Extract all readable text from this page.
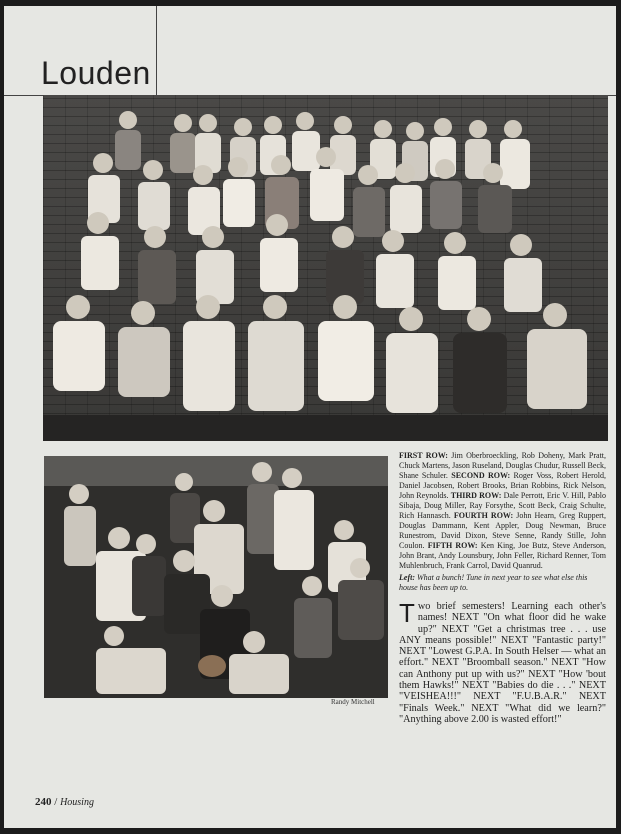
Louden
Randy Mitchell
FIRST ROW: Jim Oberbroeckling, Rob Doheny, Mark Pratt, Chuck Martens, Jason Ruseland, Douglas Chudur, Russell Beck, Shane Schuler. SECOND ROW: Roger Voss, Robert Herold, Daniel Jacobsen, Robert Brooks, Brian Robbins, Rick Nelson, John Reynolds. THIRD ROW: Dale Perrott, Eric V. Hill, Pablo Sibaja, Doug Miller, Ray Forsythe, Scott Beck, Craig Schulte, Rich Hannasch. FOURTH ROW: John Hearn, Greg Ruppert, Douglas Dammann, Kent Appler, Doug Newman, Bruce Runestrom, David Dixon, Steve Senne, Randy Stille, John Coulon. FIFTH ROW: Ken King, Joe Butz, Steve Anderson, John Brant, Andy Lounsbury, John Feller, Richard Renner, Tom Muhlenbruch, Frank Carrol, David Quanrud.
Left: What a bunch! Tune in next year to see what else this house has been up to.
Two brief semesters! Learning each other's names! NEXT "On what floor did he wake up?" NEXT "Get a christmas tree . . . use ANY means possible!" NEXT "Fantastic party!" NEXT "Lowest G.P.A. In South Helser — what an effort." NEXT "Broomball season." NEXT "How can Anthony put up with us?" NEXT "How 'bout them Hawks!" NEXT "Babies do die . . ." NEXT "VEISHEA!!!" NEXT "F.U.B.A.R." NEXT "Finals Week." NEXT "What did we learn?" "Anything above 2.00 is wasted effort!"
240 / Housing
